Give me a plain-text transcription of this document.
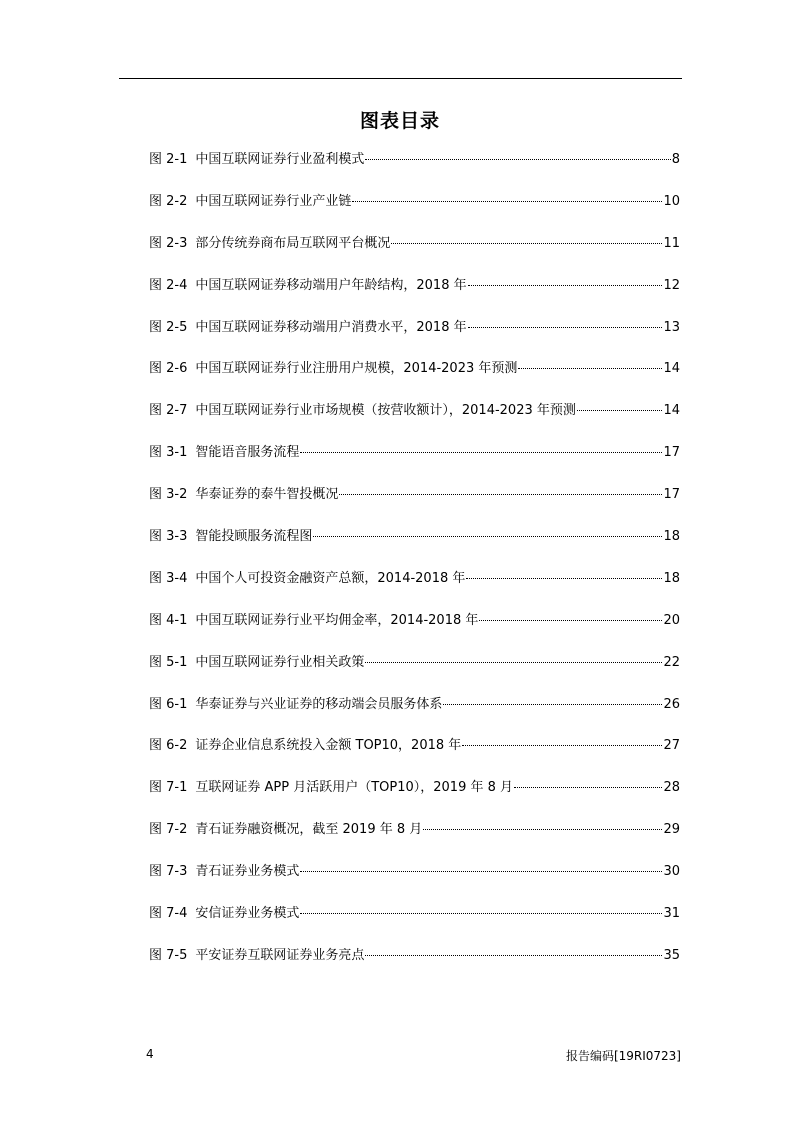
图表目录
图 2-1 中国互联网证券行业盈利模式	8
图 2-2 中国互联网证券行业产业链	10
图 2-3 部分传统券商布局互联网平台概况	11
图 2-4 中国互联网证券移动端用户年龄结构，2018 年	12
图 2-5 中国互联网证券移动端用户消费水平，2018 年	13
图 2-6 中国互联网证券行业注册用户规模，2014-2023 年预测	14
图 2-7 中国互联网证券行业市场规模（按营收额计），2014-2023 年预测	14
图 3-1 智能语音服务流程	17
图 3-2 华泰证券的泰牛智投概况	17
图 3-3 智能投顾服务流程图	18
图 3-4 中国个人可投资金融资产总额，2014-2018 年	18
图 4-1 中国互联网证券行业平均佣金率，2014-2018 年	20
图 5-1 中国互联网证券行业相关政策	22
图 6-1 华泰证券与兴业证券的移动端会员服务体系	26
图 6-2 证券企业信息系统投入金额 TOP10，2018 年	27
图 7-1 互联网证券 APP 月活跃用户（TOP10），2019 年 8 月	28
图 7-2 青石证券融资概况，截至 2019 年 8 月	29
图 7-3 青石证券业务模式	30
图 7-4 安信证券业务模式	31
图 7-5 平安证券互联网证券业务亮点	35
4	报告编码[19RI0723]
